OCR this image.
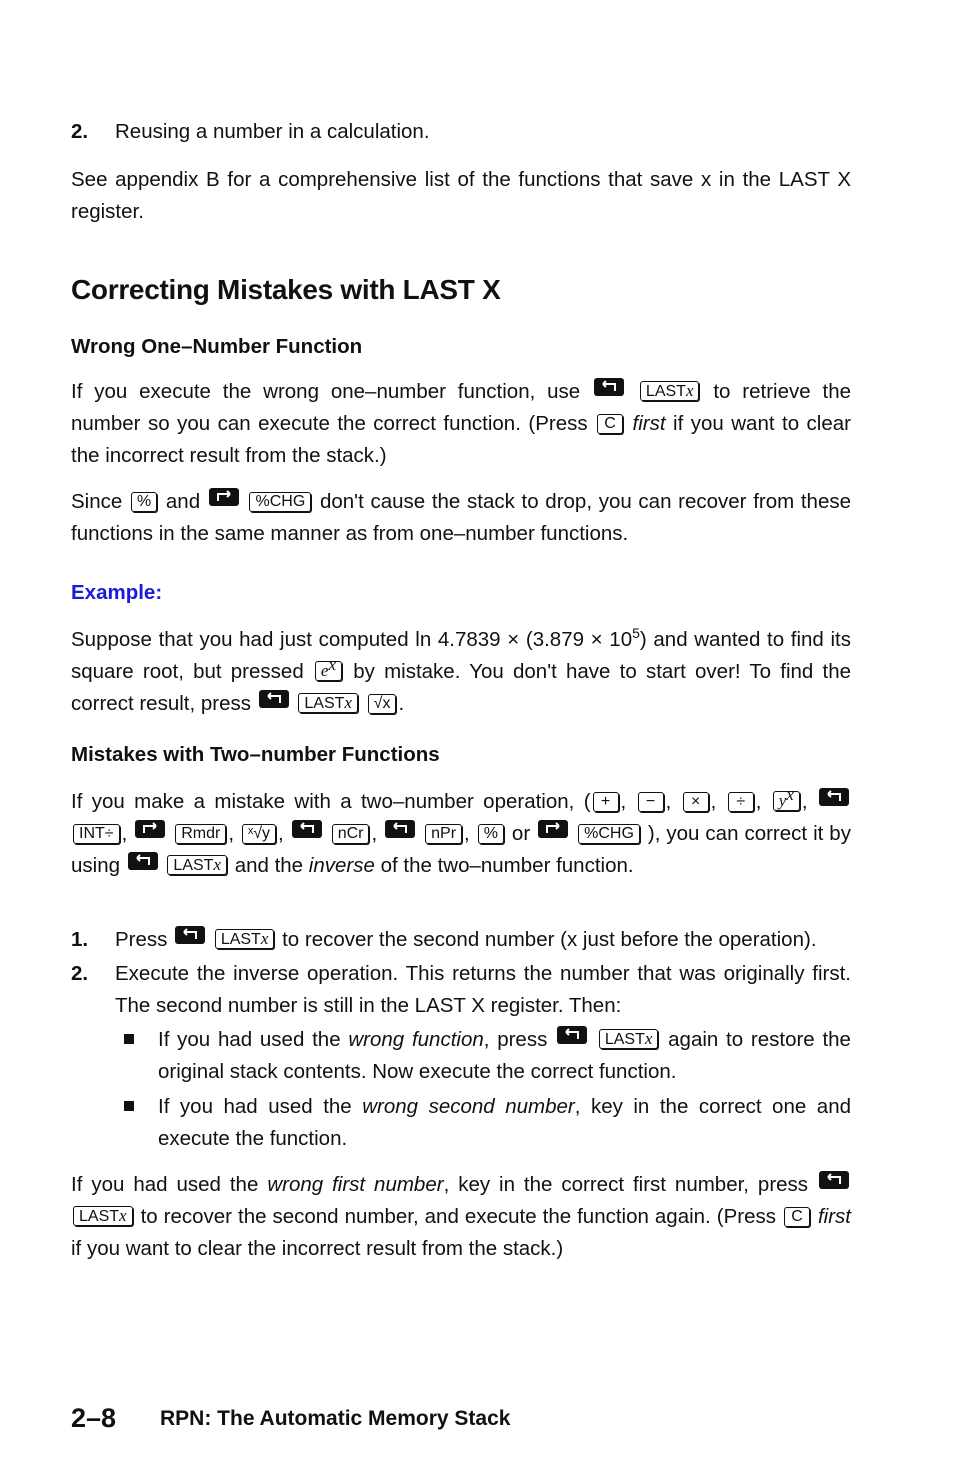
2. Reusing a number in a calculation.
See appendix B for a comprehensive list of the functions that save x in the LAST X register.
Correcting Mistakes with LAST X
Wrong One–Number Function
If you execute the wrong one–number function, use	LASTx to retrieve the number so you can execute the correct function. (Press C first if you want to clear the incorrect result from the stack.)
Since % and	%CHG don't cause the stack to drop, you can recover from these functions in the same manner as from one–number functions.
Example:
Suppose that you had just computed $\ln 4.7839 \times (3.879 \times 10^5)$ and wanted to find its square root, but pressed $e^x$ by mistake. You don't have to start over! To find the correct result, press	LASTx √x .
Mistakes with Two–number Functions
If you make a mistake with a two–number operation, ( + , − , × , ÷ , $y^x$ ,
INT÷ ,	Rmdr , ˣ√y ,	nCr ,	nPr , % or	%CHG ), you can correct it by using	LASTx and the inverse of the two–number function.
1. Press	LASTx to recover the second number (x just before the operation).
2. Execute the inverse operation. This returns the number that was originally first. The second number is still in the LAST X register. Then:
If you had used the wrong function, press	LASTx again to restore the original stack contents. Now execute the correct function.
If you had used the wrong second number, key in the correct one and execute the function.
If you had used the wrong first number, key in the correct first number, press
LASTx to recover the second number, and execute the function again. (Press C first if you want to clear the incorrect result from the stack.)
2–8 RPN: The Automatic Memory Stack
